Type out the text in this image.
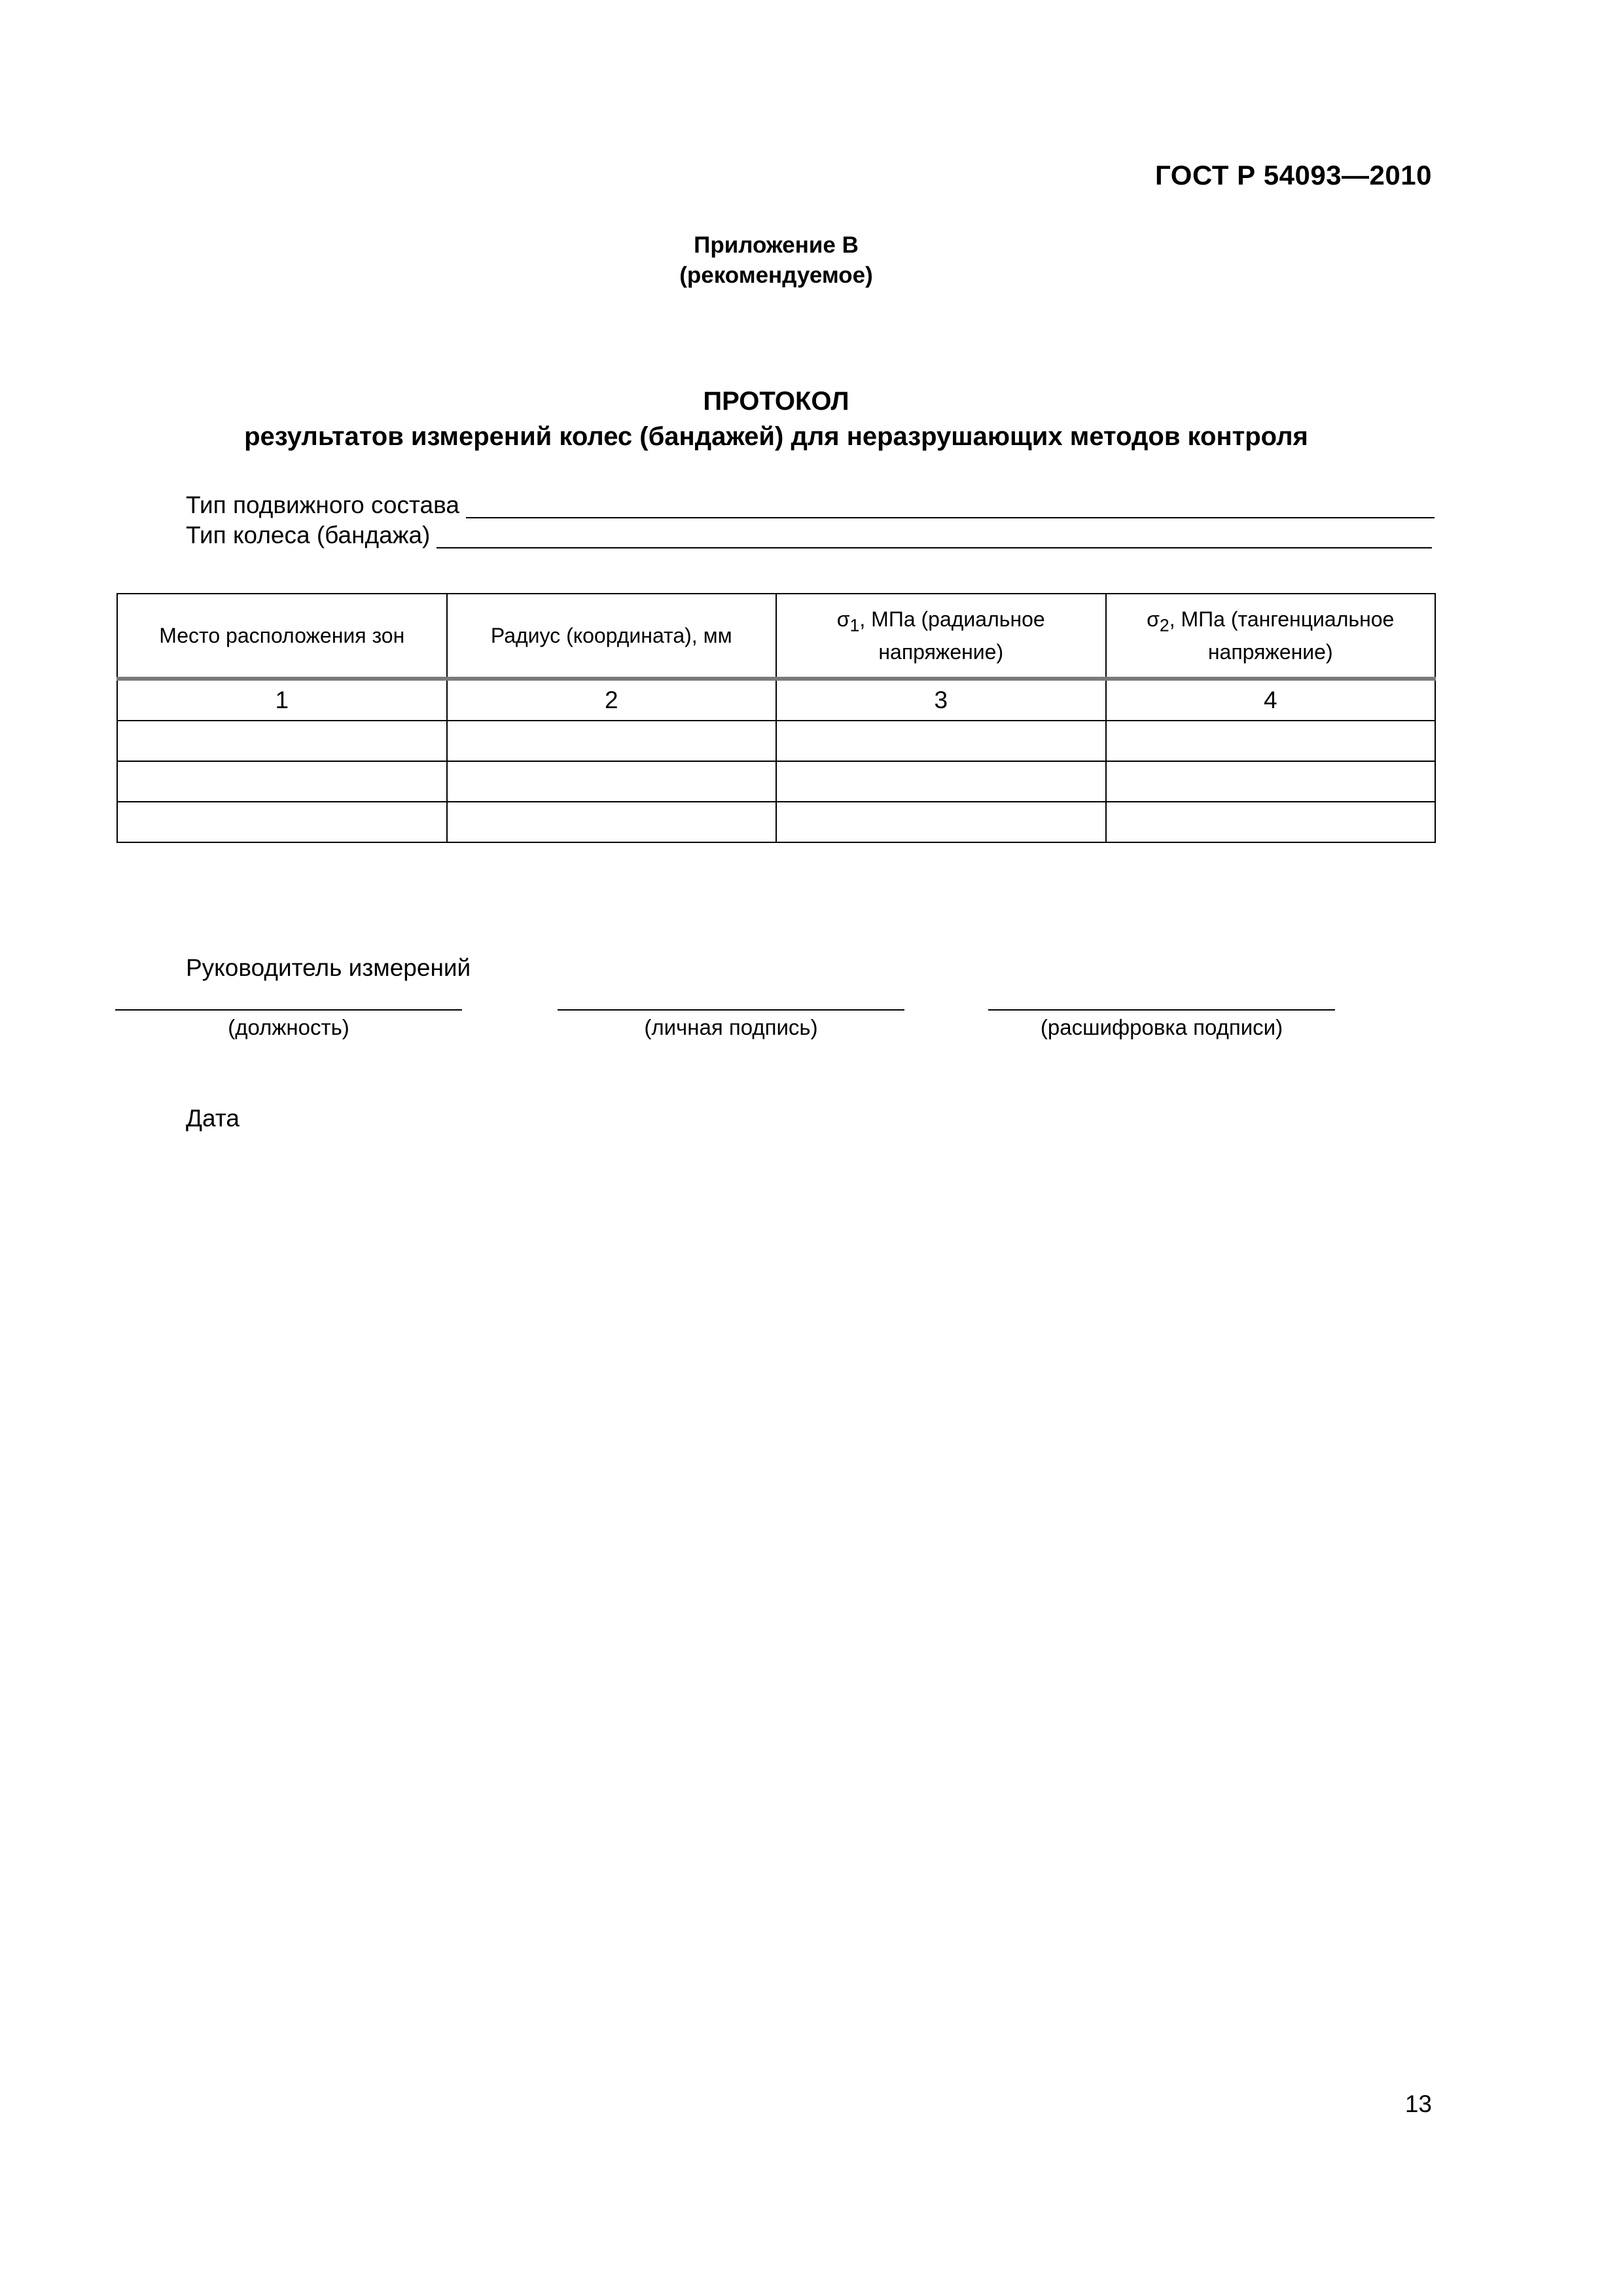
ГОСТ Р 54093—2010
Приложение В
(рекомендуемое)
ПРОТОКОЛ
результатов измерений колес (бандажей) для неразрушающих методов контроля
Тип подвижного состава
Тип колеса (бандажа)
Место расположения зон	Радиус (координата), мм	$\sigma_1$, МПа (радиальное напряжение)	$\sigma_2$, МПа (тангенциальное напряжение)
1	2	3	4

Руководитель измерений
(должность)	(личная подпись)	(расшифровка подписи)
Дата
13
